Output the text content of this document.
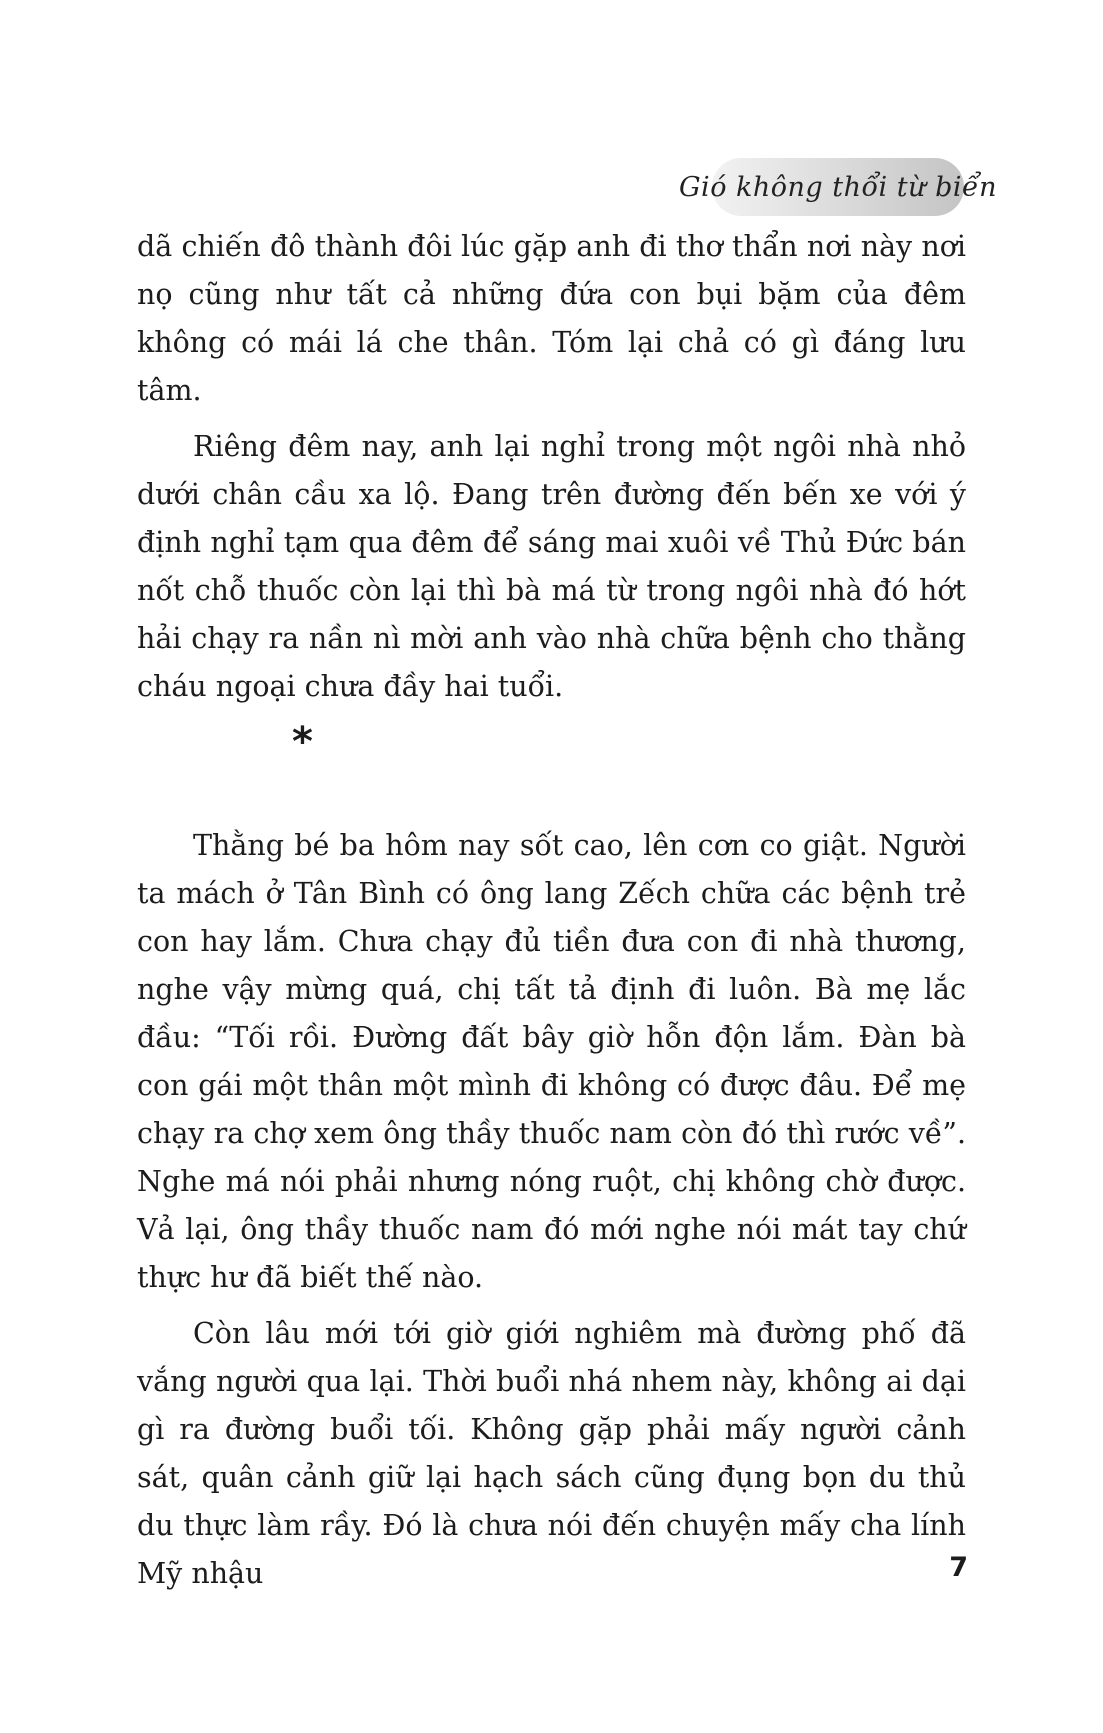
Gió không thổi từ biển

dã chiến đô thành đôi lúc gặp anh đi thơ thẩn nơi này nơi nọ cũng như tất cả những đứa con bụi bặm của đêm không có mái lá che thân. Tóm lại chả có gì đáng lưu tâm.

Riêng đêm nay, anh lại nghỉ trong một ngôi nhà nhỏ dưới chân cầu xa lộ. Đang trên đường đến bến xe với ý định nghỉ tạm qua đêm để sáng mai xuôi về Thủ Đức bán nốt chỗ thuốc còn lại thì bà má từ trong ngôi nhà đó hớt hải chạy ra nần nì mời anh vào nhà chữa bệnh cho thằng cháu ngoại chưa đầy hai tuổi.

*

Thằng bé ba hôm nay sốt cao, lên cơn co giật. Người ta mách ở Tân Bình có ông lang Zếch chữa các bệnh trẻ con hay lắm. Chưa chạy đủ tiền đưa con đi nhà thương, nghe vậy mừng quá, chị tất tả định đi luôn. Bà mẹ lắc đầu: “Tối rồi. Đường đất bây giờ hỗn độn lắm. Đàn bà con gái một thân một mình đi không có được đâu. Để mẹ chạy ra chợ xem ông thầy thuốc nam còn đó thì rước về”. Nghe má nói phải nhưng nóng ruột, chị không chờ được. Vả lại, ông thầy thuốc nam đó mới nghe nói mát tay chứ thực hư đã biết thế nào.

Còn lâu mới tới giờ giới nghiêm mà đường phố đã vắng người qua lại. Thời buổi nhá nhem này, không ai dại gì ra đường buổi tối. Không gặp phải mấy người cảnh sát, quân cảnh giữ lại hạch sách cũng đụng bọn du thủ du thực làm rầy. Đó là chưa nói đến chuyện mấy cha lính Mỹ nhậu	7
